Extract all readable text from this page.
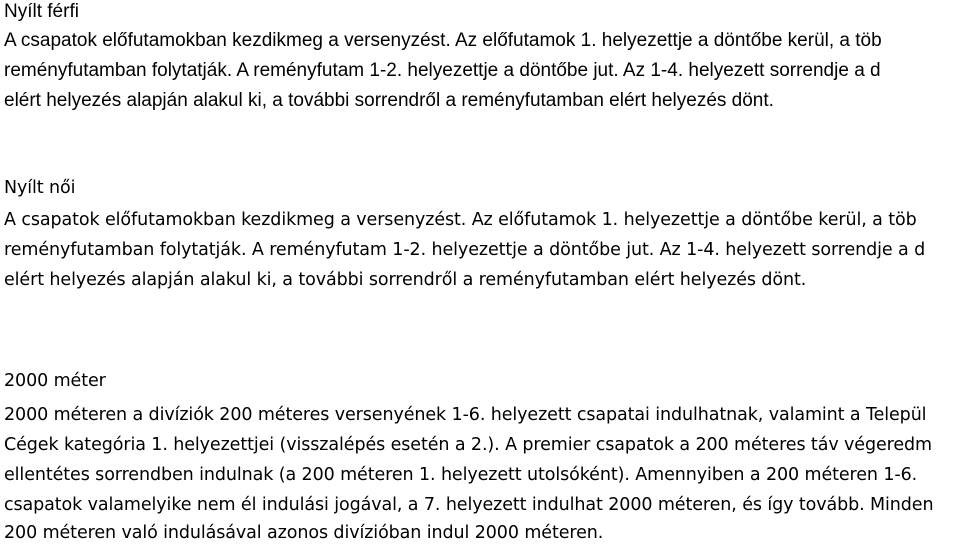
Nyílt férfi
A csapatok előfutamokban kezdikmeg a versenyzést. Az előfutamok 1. helyezettje a döntőbe kerül, a töb
reményfutamban folytatják. A reményfutam 1-2. helyezettje a döntőbe jut. Az 1-4. helyezett sorrendje a d
elért helyezés alapján alakul ki, a további sorrendről a reményfutamban elért helyezés dönt.
Nyílt női
A csapatok előfutamokban kezdikmeg a versenyzést. Az előfutamok 1. helyezettje a döntőbe kerül, a töb
reményfutamban folytatják. A reményfutam 1-2. helyezettje a döntőbe jut. Az 1-4. helyezett sorrendje a d
elért helyezés alapján alakul ki, a további sorrendről a reményfutamban elért helyezés dönt.
2000 méter
2000 méteren a divíziók 200 méteres versenyének 1-6. helyezett csapatai indulhatnak, valamint a Települ
Cégek kategória 1. helyezettjei (visszalépés esetén a 2.). A premier csapatok a 200 méteres táv végeredm
ellentétes sorrendben indulnak (a 200 méteren 1. helyezett utolsóként). Amennyiben a 200 méteren 1-6.
csapatok valamelyike nem él indulási jogával, a 7. helyezett indulhat 2000 méteren, és így tovább. Minden
200 méteren való indulásával azonos divízióban indul 2000 méteren.
